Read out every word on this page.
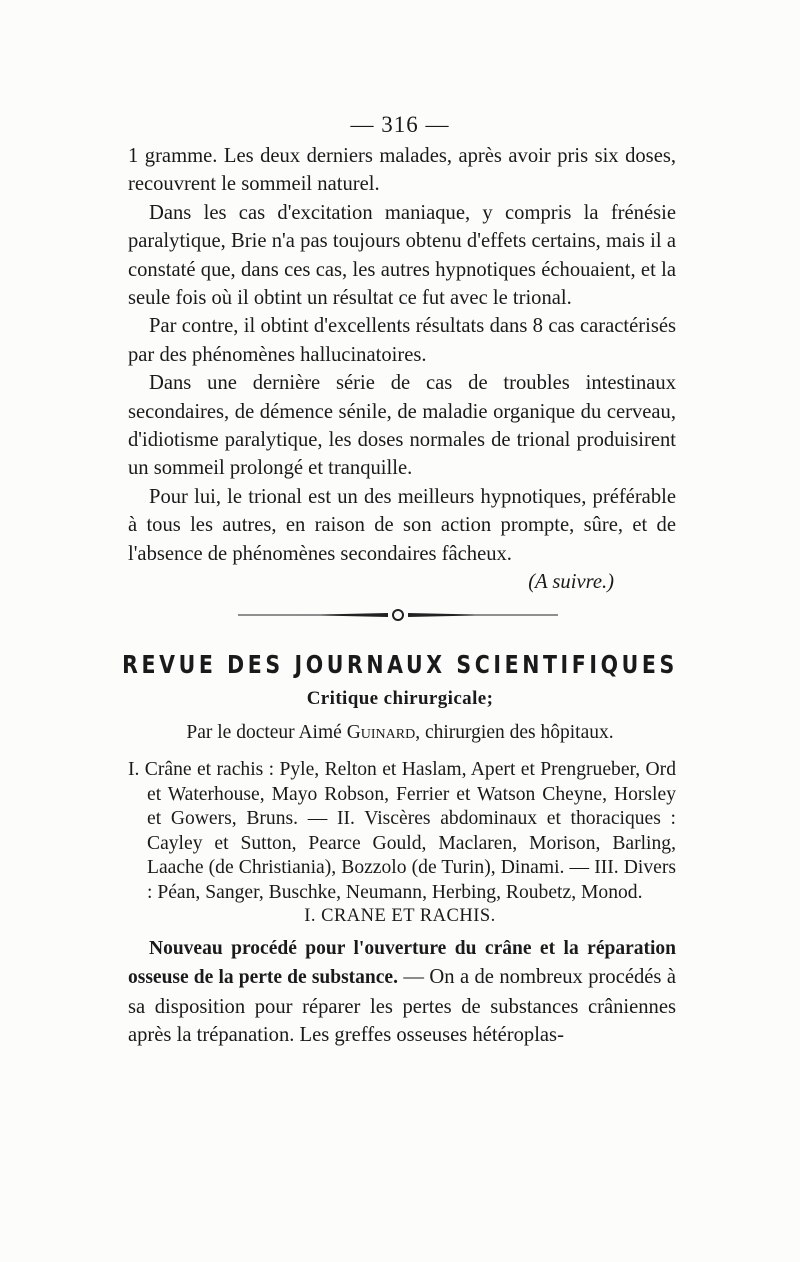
— 316 —

1 gramme. Les deux derniers malades, après avoir pris six doses, recouvrent le sommeil naturel.

Dans les cas d'excitation maniaque, y compris la frénésie paralytique, Brie n'a pas toujours obtenu d'effets certains, mais il a constaté que, dans ces cas, les autres hypnotiques échouaient, et la seule fois où il obtint un résultat ce fut avec le trional.

Par contre, il obtint d'excellents résultats dans 8 cas caractérisés par des phénomènes hallucinatoires.

Dans une dernière série de cas de troubles intestinaux secondaires, de démence sénile, de maladie organique du cerveau, d'idiotisme paralytique, les doses normales de trional produisirent un sommeil prolongé et tranquille.

Pour lui, le trional est un des meilleurs hypnotiques, préférable à tous les autres, en raison de son action prompte, sûre, et de l'absence de phénomènes secondaires fâcheux.

(A suivre.)
REVUE DES JOURNAUX SCIENTIFIQUES
Critique chirurgicale;
Par le docteur Aimé Guinard, chirurgien des hôpitaux.

I. Crâne et rachis : Pyle, Relton et Haslam, Apert et Prengrueber, Ord et Waterhouse, Mayo Robson, Ferrier et Watson Cheyne, Horsley et Gowers, Bruns. — II. Viscères abdominaux et thoraciques : Cayley et Sutton, Pearce Gould, Maclaren, Morison, Barling, Laache (de Christiania), Bozzolo (de Turin), Dinami. — III. Divers : Péan, Sanger, Buschke, Neumann, Herbing, Roubetz, Monod.

I. CRANE ET RACHIS.

Nouveau procédé pour l'ouverture du crâne et la réparation osseuse de la perte de substance. — On a de nombreux procédés à sa disposition pour réparer les pertes de substances crâniennes après la trépanation. Les greffes osseuses hétéroplas-
